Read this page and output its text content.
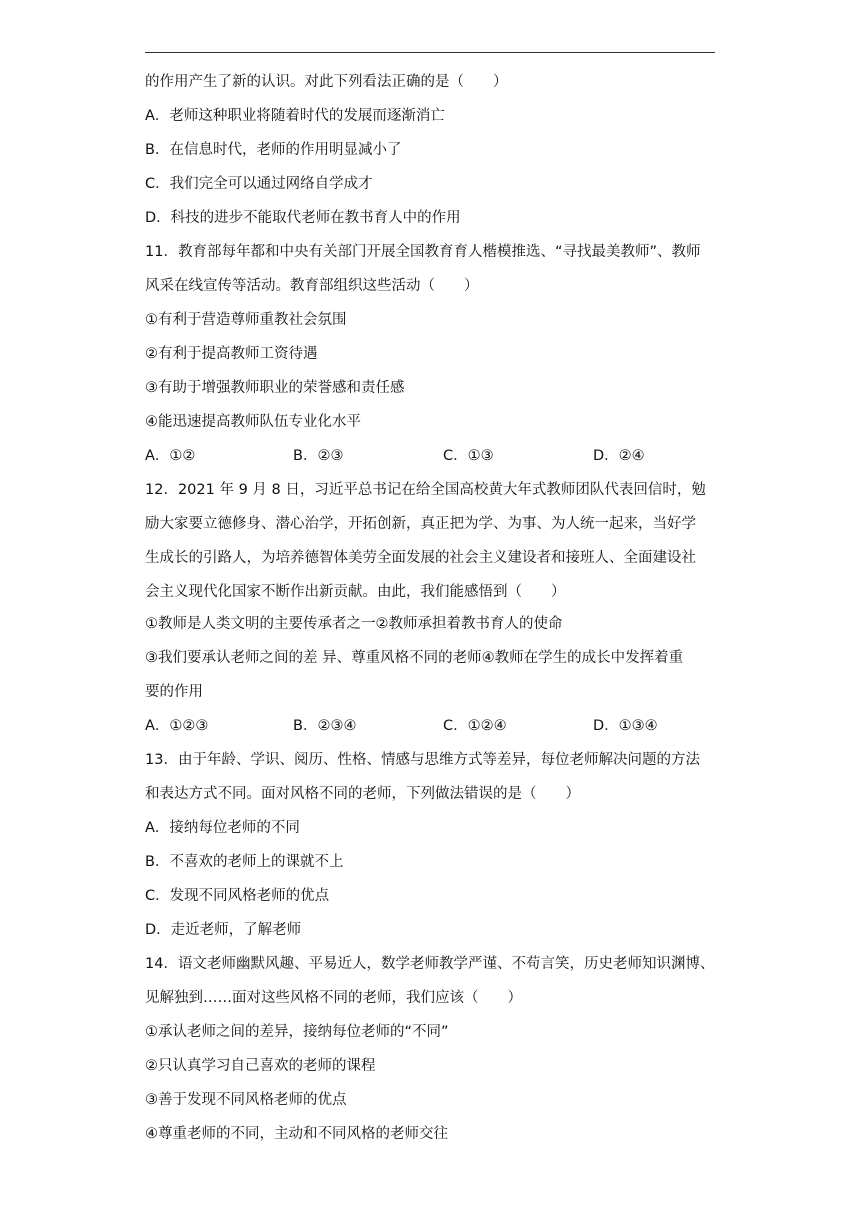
的作用产生了新的认识。对此下列看法正确的是（　　）
A．老师这种职业将随着时代的发展而逐渐消亡
B．在信息时代，老师的作用明显减小了
C．我们完全可以通过网络自学成才
D．科技的进步不能取代老师在教书育人中的作用
11．教育部每年都和中央有关部门开展全国教育育人楷模推选、“寻找最美教师”、教师
风采在线宣传等活动。教育部组织这些活动（　　）
①有利于营造尊师重教社会氛围
②有利于提高教师工资待遇
③有助于增强教师职业的荣誉感和责任感
④能迅速提高教师队伍专业化水平
A．①②	B．②③	C．①③	D．②④
12．2021 年 9 月 8 日，习近平总书记在给全国高校黄大年式教师团队代表回信时，勉
励大家要立德修身、潜心治学，开拓创新，真正把为学、为事、为人统一起来，当好学
生成长的引路人，为培养德智体美劳全面发展的社会主义建设者和接班人、全面建设社
会主义现代化国家不断作出新贡献。由此，我们能感悟到（　　）
①教师是人类文明的主要传承者之一②教师承担着教书育人的使命
③我们要承认老师之间的差 异、尊重风格不同的老师④教师在学生的成长中发挥着重
要的作用
A．①②③	B．②③④	C．①②④	D．①③④
13．由于年龄、学识、阅历、性格、情感与思维方式等差异，每位老师解决问题的方法
和表达方式不同。面对风格不同的老师，下列做法错误的是（　　）
A．接纳每位老师的不同
B．不喜欢的老师上的课就不上
C．发现不同风格老师的优点
D．走近老师，了解老师
14．语文老师幽默风趣、平易近人，数学老师教学严谨、不苟言笑，历史老师知识渊博、
见解独到……面对这些风格不同的老师，我们应该（　　）
①承认老师之间的差异，接纳每位老师的“不同”
②只认真学习自己喜欢的老师的课程
③善于发现不同风格老师的优点
④尊重老师的不同，主动和不同风格的老师交往
